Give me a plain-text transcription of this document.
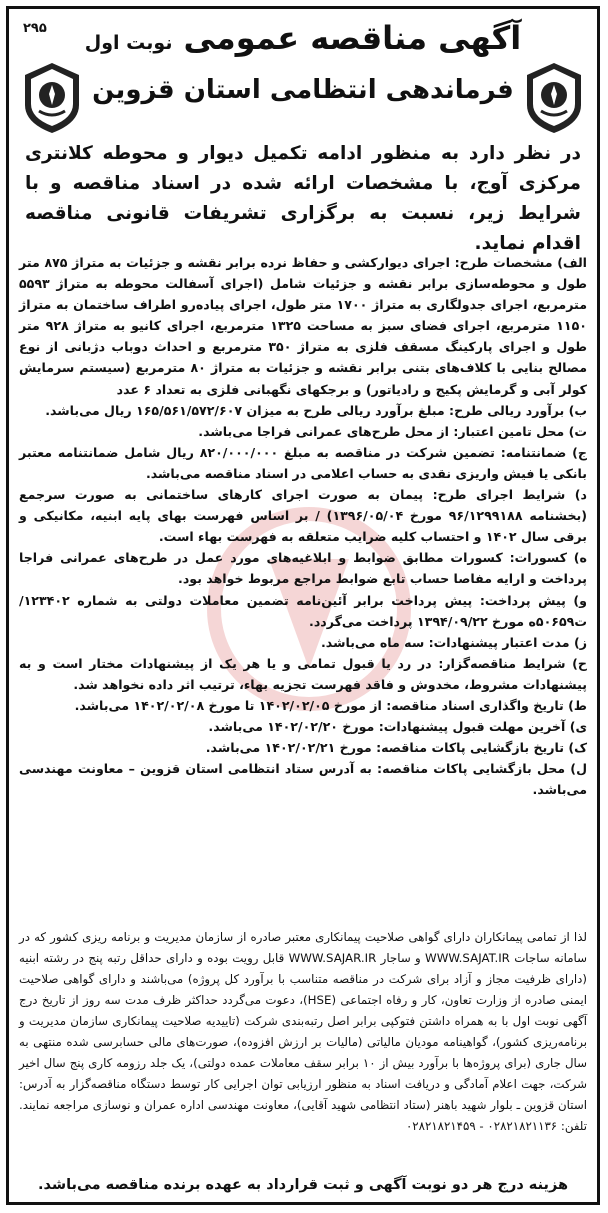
۲۹۵	آگهی مناقصه عمومی نوبت اول
فرماندهی انتظامی استان قزوین
در نظر دارد به منظور ادامه تکمیل دیوار و محوطه کلانتری مرکزی آوج، با مشخصات ارائه شده در اسناد مناقصه و با شرایط زیر، نسبت به برگزاری تشریفات قانونی مناقصه اقدام نماید.

الف) مشخصات طرح: اجرای دیوارکشی و حفاظ نرده برابر نقشه و جزئیات به متراژ ۸۷۵ متر طول و محوطه‌سازی برابر نقشه و جزئیات شامل (اجرای آسفالت محوطه به متراژ ۵۵۹۳ مترمربع، اجرای جدولگاری به متراژ ۱۷۰۰ متر طول، اجرای پیاده‌رو اطراف ساختمان به متراژ ۱۱۵۰ مترمربع، اجرای فضای سبز به مساحت ۱۳۲۵ مترمربع، اجرای کانیو به متراژ ۹۲۸ متر طول و اجرای پارکینگ مسقف فلزی به متراژ ۳۵۰ مترمربع و احداث دوباب دژبانی از نوع مصالح بنایی با کلاف‌های بتنی برابر نقشه و جزئیات به متراژ ۸۰ مترمربع (سیستم سرمایش کولر آبی و گرمایش پکیج و رادیاتور) و برجکهای نگهبانی فلزی به تعداد ۶ عدد

ب) برآورد ریالی طرح: مبلغ برآورد ریالی طرح به میزان ۱۶۵/۵۶۱/۵۷۲/۶۰۷ ریال می‌باشد.

ت) محل تامین اعتبار: از محل طرح‌های عمرانی فراجا می‌باشد.

ج) ضمانتنامه: تضمین شرکت در مناقصه به مبلغ ۸۲۰/۰۰۰/۰۰۰ ریال شامل ضمانتنامه معتبر بانکی یا فیش واریزی نقدی به حساب اعلامی در اسناد مناقصه می‌باشد.

د) شرایط اجرای طرح: پیمان به صورت اجرای کارهای ساختمانی به صورت سرجمع (بخشنامه ۹۶/۱۲۹۹۱۸۸ مورخ ۱۳۹۶/۰۵/۰۴) / بر اساس فهرست بهای پایه ابنیه، مکانیکی و برقی سال ۱۴۰۲ و احتساب کلیه ضرایب متعلقه به فهرست بهاء است.

ه) کسورات: کسورات مطابق ضوابط و ابلاغیه‌های مورد عمل در طرح‌های عمرانی فراجا پرداخت و ارایه مفاصا حساب تابع ضوابط مراجع مربوط خواهد بود.

و) پیش پرداخت: پیش پرداخت برابر آئین‌نامه تضمین معاملات دولتی به شماره ۱۲۳۴۰۲/ت۵۰۶۵۹ه مورخ ۱۳۹۴/۰۹/۲۲ پرداخت می‌گردد.

ز) مدت اعتبار پیشنهادات: سه ماه می‌باشد.

ح) شرایط مناقصه‌گزار: در رد یا قبول تمامی و یا هر یک از پیشنهادات مختار است و به پیشنهادات مشروط، مخدوش و فاقد فهرست تجزیه بهاء، ترتیب اثر داده نخواهد شد.

ط) تاریخ واگذاری اسناد مناقصه: از مورخ ۱۴۰۲/۰۲/۰۵ تا مورخ ۱۴۰۲/۰۲/۰۸ می‌باشد.

ی) آخرین مهلت قبول پیشنهادات: مورخ ۱۴۰۲/۰۲/۲۰ می‌باشد.

ک) تاریخ بازگشایی پاکات مناقصه: مورخ ۱۴۰۲/۰۲/۲۱ می‌باشد.

ل) محل بازگشایی پاکات مناقصه: به آدرس ستاد انتظامی استان قزوین – معاونت مهندسی می‌باشد.

لذا از تمامی پیمانکاران دارای گواهی صلاحیت پیمانکاری معتبر صادره از سازمان مدیریت و برنامه ریزی کشور که در سامانه ساجات WWW.SAJAT.IR و ساجار WWW.SAJAR.IR قابل رویت بوده و دارای حداقل رتبه پنج در رشته ابنیه (دارای ظرفیت مجاز و آزاد برای شرکت در مناقصه متناسب با برآورد کل پروژه) می‌باشند و دارای گواهی صلاحیت ایمنی صادره از وزارت تعاون، کار و رفاه اجتماعی (HSE)، دعوت می‌گردد حداکثر ظرف مدت سه روز از تاریخ درج آگهی نوبت اول با به همراه داشتن فتوکپی برابر اصل رتبه‌بندی شرکت (تاییدیه صلاحیت پیمانکاری سازمان مدیریت و برنامه‌ریزی کشور)، گواهینامه مودیان مالیاتی (مالیات بر ارزش افزوده)، صورت‌های مالی حسابرسی شده منتهی به سال جاری (برای پروژه‌ها با برآورد بیش از ۱۰ برابر سقف معاملات عمده دولتی)، یک جلد رزومه کاری پنج سال اخیر شرکت، جهت اعلام آمادگی و دریافت اسناد به منظور ارزیابی توان اجرایی کار توسط دستگاه مناقصه‌گزار به آدرس: استان قزوین ـ بلوار شهید باهنر (ستاد انتظامی شهید آقایی)، معاونت مهندسی اداره عمران و نوسازی مراجعه نمایند. تلفن: ۰۲۸۲۱۸۲۱۱۳۶ - ۰۲۸۲۱۸۲۱۴۵۹
هزینه درج هر دو نوبت آگهی و ثبت قرارداد به عهده برنده مناقصه می‌باشد.
